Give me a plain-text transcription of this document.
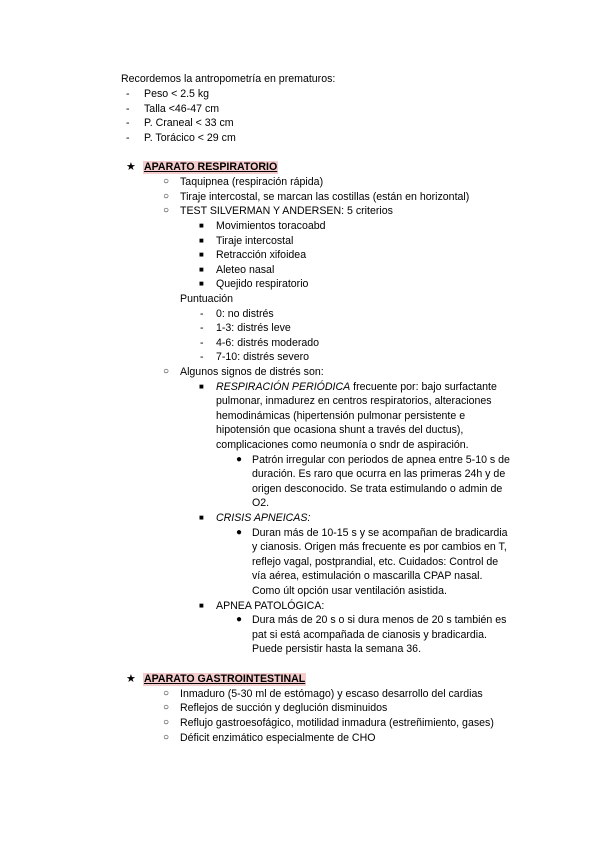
Recordemos la antropometría en prematuros:
- Peso < 2.5 kg
- Talla <46-47 cm
- P. Craneal < 33 cm
- P. Torácico < 29 cm
★ APARATO RESPIRATORIO
○ Taquipnea (respiración rápida)
○ Tiraje intercostal, se marcan las costillas (están en horizontal)
○ TEST SILVERMAN Y ANDERSEN: 5 criterios
■ Movimientos toracoabd
■ Tiraje intercostal
■ Retracción xifoidea
■ Aleteo nasal
■ Quejido respiratorio
Puntuación
- 0: no distrés
- 1-3: distrés leve
- 4-6: distrés moderado
- 7-10: distrés severo
○ Algunos signos de distrés son:
■ RESPIRACIÓN PERIÓDICA frecuente por: bajo surfactante
pulmonar, inmadurez en centros respiratorios, alteraciones
hemodinámicas (hipertensión pulmonar persistente e
hipotensión que ocasiona shunt a través del ductus),
complicaciones como neumonía o sndr de aspiración.
● Patrón irregular con periodos de apnea entre 5-10 s de
duración. Es raro que ocurra en las primeras 24h y de
origen desconocido. Se trata estimulando o admin de
O2.
■ CRISIS APNEICAS:
● Duran más de 10-15 s y se acompañan de bradicardia
y cianosis. Origen más frecuente es por cambios en T,
reflejo vagal, postprandial, etc. Cuidados: Control de
vía aérea, estimulación o mascarilla CPAP nasal.
Como últ opción usar ventilación asistida.
■ APNEA PATOLÓGICA:
● Dura más de 20 s o si dura menos de 20 s también es
pat si está acompañada de cianosis y bradicardia.
Puede persistir hasta la semana 36.
★ APARATO GASTROINTESTINAL
○ Inmaduro (5-30 ml de estómago) y escaso desarrollo del cardias
○ Reflejos de succión y deglución disminuidos
○ Reflujo gastroesofágico, motilidad inmadura (estreñimiento, gases)
○ Déficit enzimático especialmente de CHO
